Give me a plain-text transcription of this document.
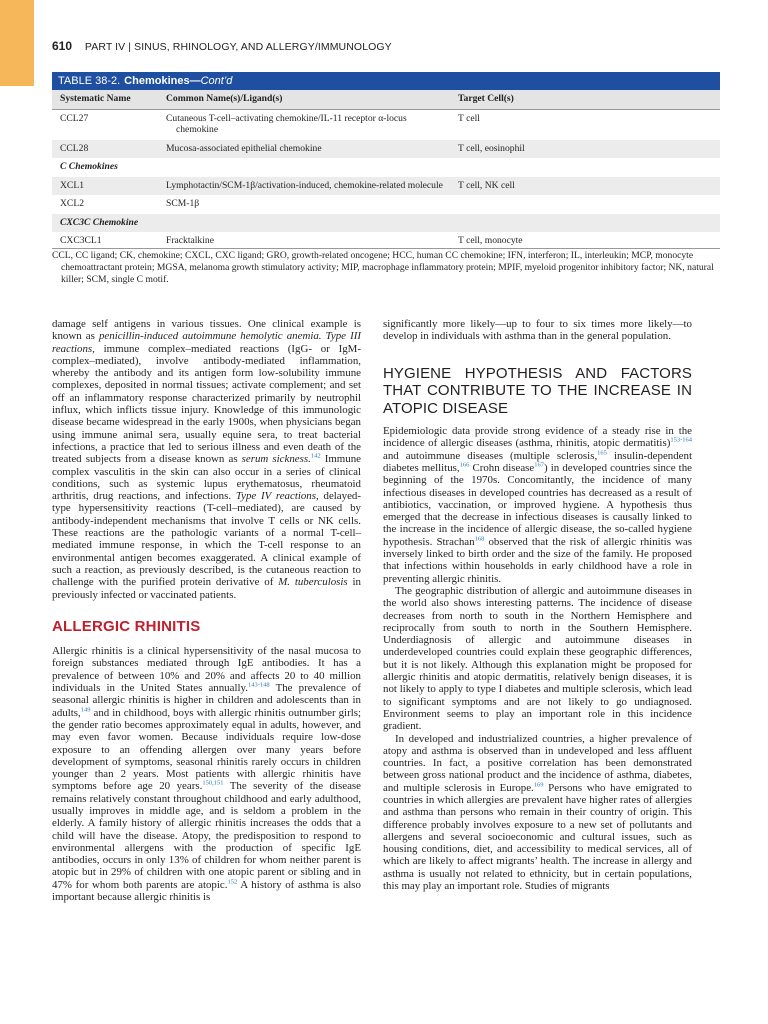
610 PART IV | SINUS, RHINOLOGY, AND ALLERGY/IMMUNOLOGY
TABLE 38-2. Chemokines—Cont’d
Systematic Name	Common Name(s)/Ligand(s)	Target Cell(s)
CCL27	Cutaneous T-cell–activating chemokine/IL-11 receptor α-locus chemokine	T cell
CCL28	Mucosa-associated epithelial chemokine	T cell, eosinophil
C Chemokines		
XCL1	Lymphotactin/SCM-1β/activation-induced, chemokine-related molecule	T cell, NK cell
XCL2	SCM-1β	
CXC3C Chemokine		
CXC3CL1	Fracktalkine	T cell, monocyte
CCL, CC ligand; CK, chemokine; CXCL, CXC ligand; GRO, growth-related oncogene; HCC, human CC chemokine; IFN, interferon; IL, interleukin; MCP, monocyte chemoattractant protein; MGSA, melanoma growth stimulatory activity; MIP, macrophage inflammatory protein; MPIF, myeloid progenitor inhibitory factor; NK, natural killer; SCM, single C motif.

damage self antigens in various tissues. One clinical example is known as penicillin-induced autoimmune hemolytic anemia. Type III reactions, immune complex–mediated reactions (IgG- or IgM-complex–mediated), involve antibody-mediated inflammation, whereby the antibody and its antigen form low-solubility immune complexes, deposited in normal tissues; activate complement; and set off an inflammatory response characterized primarily by neutrophil influx, which inflicts tissue injury. Knowledge of this immunologic disease became widespread in the early 1900s, when physicians began using immune animal sera, usually equine sera, to treat bacterial infections, a practice that led to serious illness and even death of the treated subjects from a disease known as serum sickness.$^{142}$ Immune complex vasculitis in the skin can also occur in a series of clinical conditions, such as systemic lupus erythematosus, rheumatoid arthritis, drug reactions, and infections. Type IV reactions, delayed-type hypersensitivity reactions (T-cell–mediated), are caused by antibody-independent mechanisms that involve T cells or NK cells. These reactions are the pathologic variants of a normal T-cell–mediated immune response, in which the T-cell response to an environmental antigen becomes exaggerated. A clinical example of such a reaction, as previously described, is the cutaneous reaction to challenge with the purified protein derivative of M. tuberculosis in previously infected or vaccinated patients.

ALLERGIC RHINITIS

Allergic rhinitis is a clinical hypersensitivity of the nasal mucosa to foreign substances mediated through IgE antibodies. It has a prevalence of between 10% and 20% and affects 20 to 40 million individuals in the United States annually.$^{143-148}$ The prevalence of seasonal allergic rhinitis is higher in children and adolescents than in adults,$^{149}$ and in childhood, boys with allergic rhinitis outnumber girls; the gender ratio becomes approximately equal in adults, however, and may even favor women. Because individuals require low-dose exposure to an offending allergen over many years before development of symptoms, seasonal rhinitis rarely occurs in children younger than 2 years. Most patients with allergic rhinitis have symptoms before age 20 years.$^{150,151}$ The severity of the disease remains relatively constant throughout childhood and early adulthood, usually improves in middle age, and is seldom a problem in the elderly. A family history of allergic rhinitis increases the odds that a child will have the disease. Atopy, the predisposition to respond to environmental allergens with the production of specific IgE antibodies, occurs in only 13% of children for whom neither parent is atopic but in 29% of children with one atopic parent or sibling and in 47% for whom both parents are atopic.$^{152}$ A history of asthma is also important because allergic rhinitis is

significantly more likely—up to four to six times more likely—to develop in individuals with asthma than in the general population.

HYGIENE HYPOTHESIS AND FACTORS THAT CONTRIBUTE TO THE INCREASE IN ATOPIC DISEASE

Epidemiologic data provide strong evidence of a steady rise in the incidence of allergic diseases (asthma, rhinitis, atopic dermatitis)$^{153-164}$ and autoimmune diseases (multiple sclerosis,$^{165}$ insulin-dependent diabetes mellitus,$^{166}$ Crohn disease$^{167}$) in developed countries since the beginning of the 1970s. Concomitantly, the incidence of many infectious diseases in developed countries has decreased as a result of antibiotics, vaccination, or improved hygiene. A hypothesis thus emerged that the decrease in infectious diseases is causally linked to the increase in the incidence of allergic disease, the so-called hygiene hypothesis. Strachan$^{168}$ observed that the risk of allergic rhinitis was inversely linked to birth order and the size of the family. He proposed that infections within households in early childhood have a role in preventing allergic rhinitis.

The geographic distribution of allergic and autoimmune diseases in the world also shows interesting patterns. The incidence of disease decreases from north to south in the Northern Hemisphere and reciprocally from south to north in the Southern Hemisphere. Underdiagnosis of allergic and autoimmune diseases in underdeveloped countries could explain these geographic differences, but it is not likely. Although this explanation might be proposed for allergic rhinitis and atopic dermatitis, relatively benign diseases, it is not likely to apply to type I diabetes and multiple sclerosis, which lead to significant symptoms and are not likely to go undiagnosed. Environment seems to play an important role in this incidence gradient.

In developed and industrialized countries, a higher prevalence of atopy and asthma is observed than in undeveloped and less affluent countries. In fact, a positive correlation has been demonstrated between gross national product and the incidence of asthma, diabetes, and multiple sclerosis in Europe.$^{169}$ Persons who have emigrated to countries in which allergies are prevalent have higher rates of allergies and asthma than persons who remain in their country of origin. This difference probably involves exposure to a new set of pollutants and allergens and several socioeconomic and cultural issues, such as housing conditions, diet, and accessibility to medical services, all of which are likely to affect migrants’ health. The increase in allergy and asthma is usually not related to ethnicity, but in certain populations, this may play an important role. Studies of migrants
